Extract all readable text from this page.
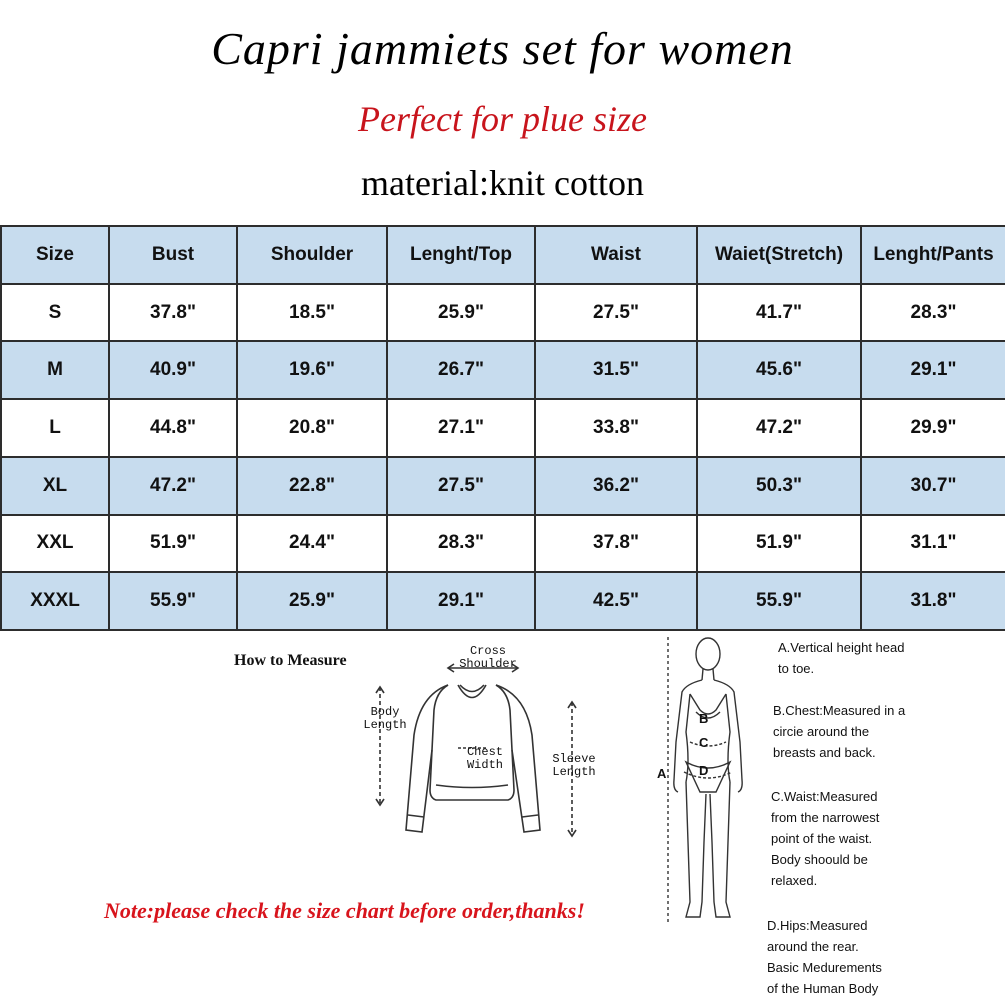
Capri jammiets set for women
Perfect for plue size
material:knit cotton
Size	Bust	Shoulder	Lenght/Top	Waist	Waiet(Stretch)	Lenght/Pants
S	37.8"	18.5"	25.9"	27.5"	41.7"	28.3"
M	40.9"	19.6"	26.7"	31.5"	45.6"	29.1"
L	44.8"	20.8"	27.1"	33.8"	47.2"	29.9"
XL	47.2"	22.8"	27.5"	36.2"	50.3"	30.7"
XXL	51.9"	24.4"	28.3"	37.8"	51.9"	31.1"
XXXL	55.9"	25.9"	29.1"	42.5"	55.9"	31.8"
How to Measure
Cross
Shoulder
Body
Length
Chest
Width	Sleeve
Length
Note:please check the size chart before order,thanks!
A
B
C
D
A.Vertical height head
to toe.
B.Chest:Measured in a
circie around the
breasts and back.
C.Waist:Measured
from the narrowest
point of the waist.
Body shoould be
relaxed.
D.Hips:Measured
around the rear.
Basic Medurements
of the Human Body
